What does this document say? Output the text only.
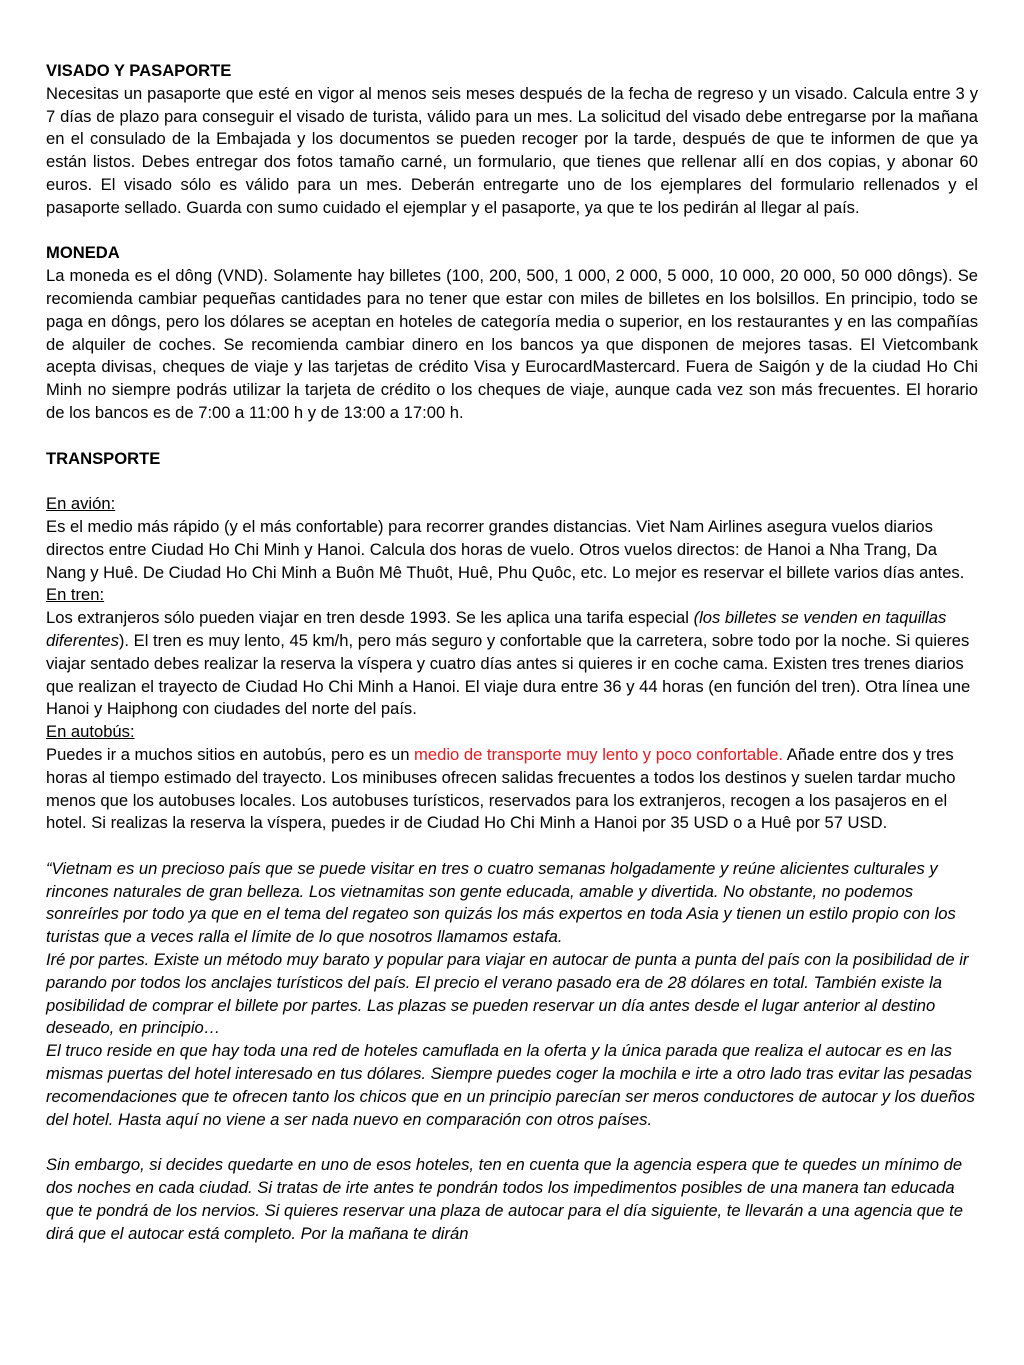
VISADO Y PASAPORTE

Necesitas un pasaporte que esté en vigor al menos seis meses después de la fecha de regreso y un visado. Calcula entre 3 y 7 días de plazo para conseguir el visado de turista, válido para un mes. La solicitud del visado debe entregarse por la mañana en el consulado de la Embajada y los documentos se pueden recoger por la tarde, después de que te informen de que ya están listos. Debes entregar dos fotos tamaño carné, un formulario, que tienes que rellenar allí en dos copias, y abonar 60 euros. El visado sólo es válido para un mes. Deberán entregarte uno de los ejemplares del formulario rellenados y el pasaporte sellado. Guarda con sumo cuidado el ejemplar y el pasaporte, ya que te los pedirán al llegar al país.

MONEDA

La moneda es el dông (VND). Solamente hay billetes (100, 200, 500, 1 000, 2 000, 5 000, 10 000, 20 000, 50 000 dôngs). Se recomienda cambiar pequeñas cantidades para no tener que estar con miles de billetes en los bolsillos. En principio, todo se paga en dôngs, pero los dólares se aceptan en hoteles de categoría media o superior, en los restaurantes y en las compañías de alquiler de coches. Se recomienda cambiar dinero en los bancos ya que disponen de mejores tasas. El Vietcombank acepta divisas, cheques de viaje y las tarjetas de crédito Visa y EurocardMastercard. Fuera de Saigón y de la ciudad Ho Chi Minh no siempre podrás utilizar la tarjeta de crédito o los cheques de viaje, aunque cada vez son más frecuentes. El horario de los bancos es de 7:00 a 11:00 h y de 13:00 a 17:00 h.

TRANSPORTE

En avión:

Es el medio más rápido (y el más confortable) para recorrer grandes distancias. Viet Nam Airlines asegura vuelos diarios directos entre Ciudad Ho Chi Minh y Hanoi. Calcula dos horas de vuelo. Otros vuelos directos: de Hanoi a Nha Trang, Da Nang y Huê. De Ciudad Ho Chi Minh a Buôn Mê Thuôt, Huê, Phu Quôc, etc. Lo mejor es reservar el billete varios días antes.

En tren:

Los extranjeros sólo pueden viajar en tren desde 1993. Se les aplica una tarifa especial (los billetes se venden en taquillas diferentes). El tren es muy lento, 45 km/h, pero más seguro y confortable que la carretera, sobre todo por la noche. Si quieres viajar sentado debes realizar la reserva la víspera y cuatro días antes si quieres ir en coche cama. Existen tres trenes diarios que realizan el trayecto de Ciudad Ho Chi Minh a Hanoi. El viaje dura entre 36 y 44 horas (en función del tren). Otra línea une Hanoi y Haiphong con ciudades del norte del país.

En autobús:

Puedes ir a muchos sitios en autobús, pero es un medio de transporte muy lento y poco confortable. Añade entre dos y tres horas al tiempo estimado del trayecto. Los minibuses ofrecen salidas frecuentes a todos los destinos y suelen tardar mucho menos que los autobuses locales. Los autobuses turísticos, reservados para los extranjeros, recogen a los pasajeros en el hotel. Si realizas la reserva la víspera, puedes ir de Ciudad Ho Chi Minh a Hanoi por 35 USD o a Huê por 57 USD.

“Vietnam es un precioso país que se puede visitar en tres o cuatro semanas holgadamente y reúne alicientes culturales y rincones naturales de gran belleza. Los vietnamitas son gente educada, amable y divertida. No obstante, no podemos sonreírles por todo ya que en el tema del regateo son quizás los más expertos en toda Asia y tienen un estilo propio con los turistas que a veces ralla el límite de lo que nosotros llamamos estafa.

Iré por partes. Existe un método muy barato y popular para viajar en autocar de punta a punta del país con la posibilidad de ir parando por todos los anclajes turísticos del país. El precio el verano pasado era de 28 dólares en total. También existe la posibilidad de comprar el billete por partes. Las plazas se pueden reservar un día antes desde el lugar anterior al destino deseado, en principio…

El truco reside en que hay toda una red de hoteles camuflada en la oferta y la única parada que realiza el autocar es en las mismas puertas del hotel interesado en tus dólares. Siempre puedes coger la mochila e irte a otro lado tras evitar las pesadas recomendaciones que te ofrecen tanto los chicos que en un principio parecían ser meros conductores de autocar y los dueños del hotel. Hasta aquí no viene a ser nada nuevo en comparación con otros países.

Sin embargo, si decides quedarte en uno de esos hoteles, ten en cuenta que la agencia espera que te quedes un mínimo de dos noches en cada ciudad. Si tratas de irte antes te pondrán todos los impedimentos posibles de una manera tan educada que te pondrá de los nervios. Si quieres reservar una plaza de autocar para el día siguiente, te llevarán a una agencia que te dirá que el autocar está completo. Por la mañana te dirán
